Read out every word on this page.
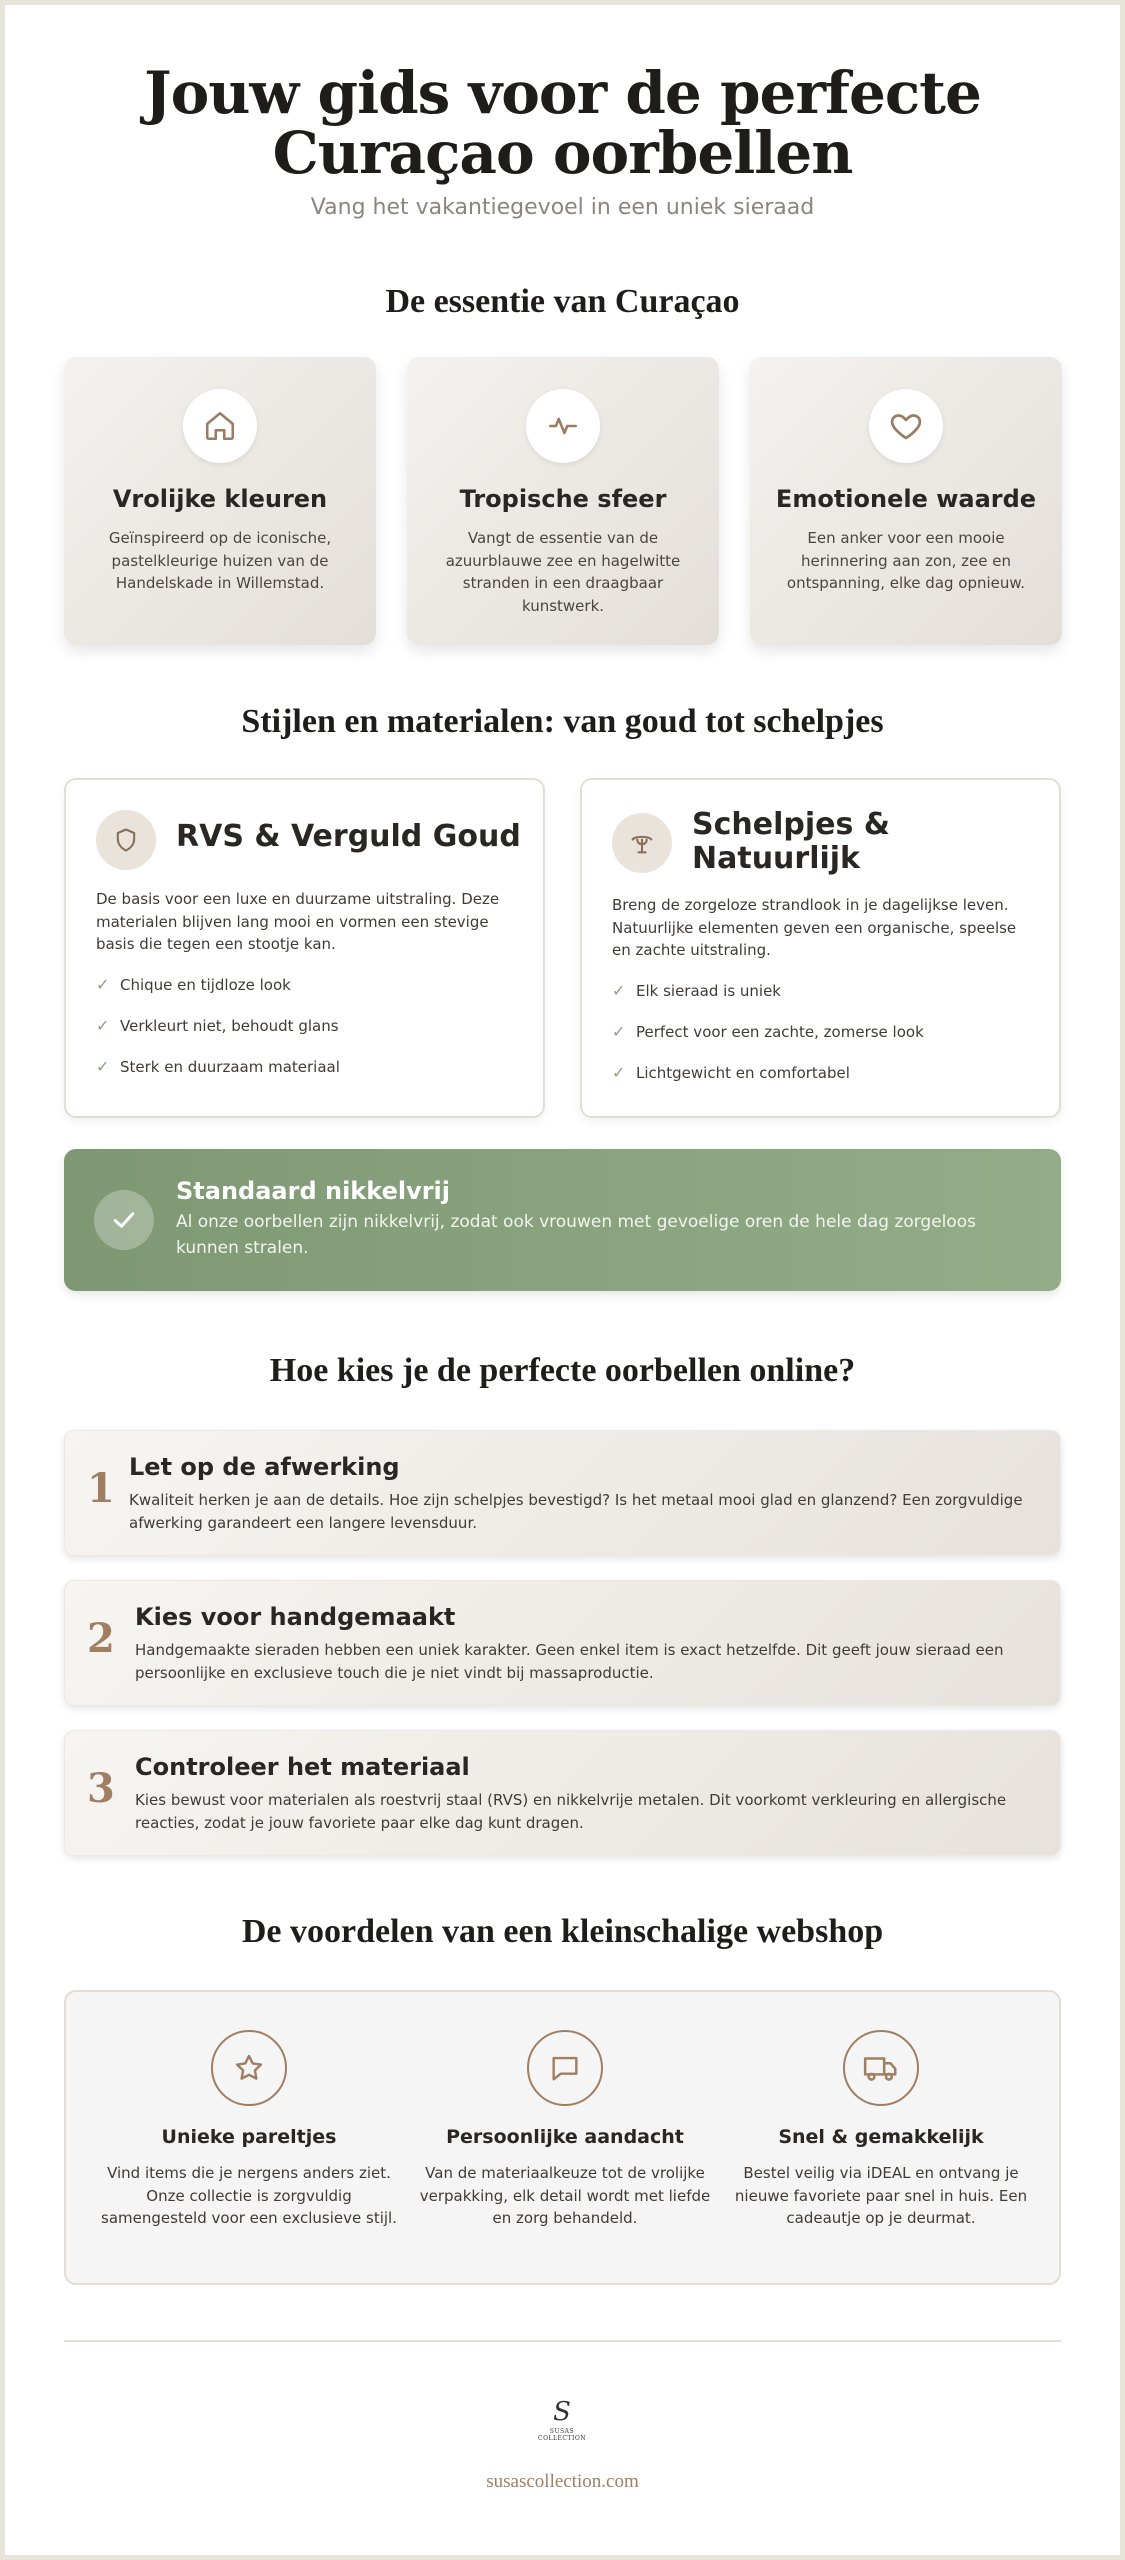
Jouw gids voor de perfecte
Curaçao oorbellen
Vang het vakantiegevoel in een uniek sieraad
De essentie van Curaçao
Vrolijke kleuren
Geïnspireerd op de iconische, pastelkleurige huizen van de Handelskade in Willemstad.
Tropische sfeer
Vangt de essentie van de azuurblauwe zee en hagelwitte stranden in een draagbaar kunstwerk.
Emotionele waarde
Een anker voor een mooie herinnering aan zon, zee en ontspanning, elke dag opnieuw.
Stijlen en materialen: van goud tot schelpjes
RVS & Verguld Goud
De basis voor een luxe en duurzame uitstraling. Deze materialen blijven lang mooi en vormen een stevige basis die tegen een stootje kan.
✓ Chique en tijdloze look
✓ Verkleurt niet, behoudt glans
✓ Sterk en duurzaam materiaal
Schelpjes &
Natuurlijk
Breng de zorgeloze strandlook in je dagelijkse leven. Natuurlijke elementen geven een organische, speelse en zachte uitstraling.
✓ Elk sieraad is uniek
✓ Perfect voor een zachte, zomerse look
✓ Lichtgewicht en comfortabel
Standaard nikkelvrij
Al onze oorbellen zijn nikkelvrij, zodat ook vrouwen met gevoelige oren de hele dag zorgeloos kunnen stralen.
Hoe kies je de perfecte oorbellen online?
1 Let op de afwerking
Kwaliteit herken je aan de details. Hoe zijn schelpjes bevestigd? Is het metaal mooi glad en glanzend? Een zorgvuldige afwerking garandeert een langere levensduur.
2 Kies voor handgemaakt
Handgemaakte sieraden hebben een uniek karakter. Geen enkel item is exact hetzelfde. Dit geeft jouw sieraad een persoonlijke en exclusieve touch die je niet vindt bij massaproductie.
3 Controleer het materiaal
Kies bewust voor materialen als roestvrij staal (RVS) en nikkelvrije metalen. Dit voorkomt verkleuring en allergische reacties, zodat je jouw favoriete paar elke dag kunt dragen.
De voordelen van een kleinschalige webshop
Unieke pareltjes
Vind items die je nergens anders ziet. Onze collectie is zorgvuldig samengesteld voor een exclusieve stijl.
Persoonlijke aandacht
Van de materiaalkeuze tot de vrolijke verpakking, elk detail wordt met liefde en zorg behandeld.
Snel & gemakkelijk
Bestel veilig via iDEAL en ontvang je nieuwe favoriete paar snel in huis. Een cadeautje op je deurmat.
S
SUSAS COLLECTION
susascollection.com
